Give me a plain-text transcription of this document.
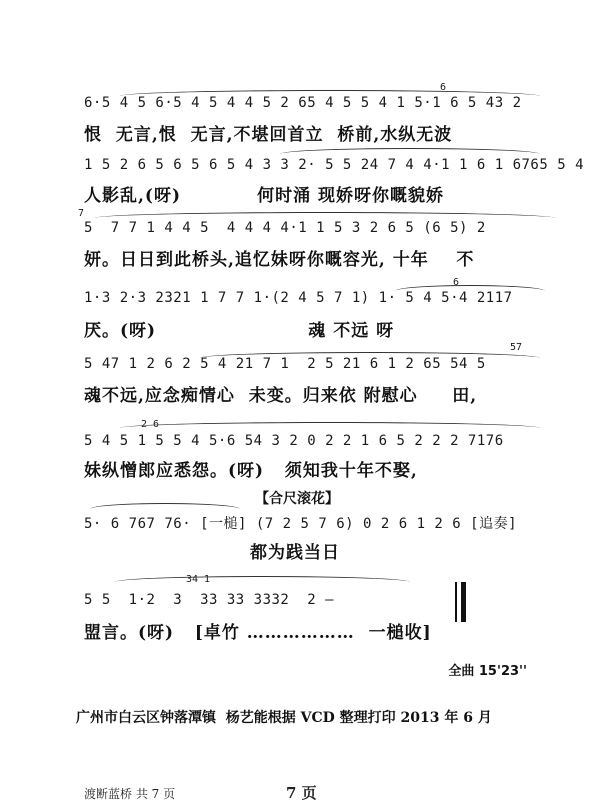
6
6·5 4 5 6·5 4 5 4 4 5 2 65 4 5 5 4 1 5·1 6 5 43 2
恨  无言,恨  无言,不堪回首立  桥前,水纵无波
1 5 2 6 5 6 5 6 5 4 3 3 2· 5 5 24 7 4 4·1 1 6 1 6765 5 4
人影乱,(呀)           何时涌 现娇呀你嘅貌娇
7
5  7 7 1 4 4 5  4 4 4 4·1 1 5 3 2 6 5 (6 5) 2
妍。日日到此桥头,追忆妹呀你嘅容光, 十年    不
6
1·3 2·3 2321 1 7 7 1·(2 4 5 7 1) 1· 5 4 5·4 2117
厌。(呀)                      魂 不远 呀
57
5 47 1 2 6 2 5 4 21 7 1  2 5 21 6 1 2 65 54 5
魂不远,应念痴情心  未变。归来依 附慰心     田,
2 6
5 4 5 1 5 5 4 5·6 54 3 2 0 2 2 1 6 5 2 2 2 7176
妹纵憎郎应悉怨。(呀)   须知我十年不娶,
【合尺滚花】
5· 6 767 76· [一槌] (7 2 5 7 6) 0 2 6 1 2 6 [追奏]
都为践当日
34 1
5 5  1·2  3  33 33 3332  2 —
盟言。(呀)   [卓竹 ………………  一槌收]
全曲 15'23''
广州市白云区钟落潭镇  杨艺能根据 VCD 整理打印 2013 年 6 月
渡断蓝桥 共 7 页	7 页
